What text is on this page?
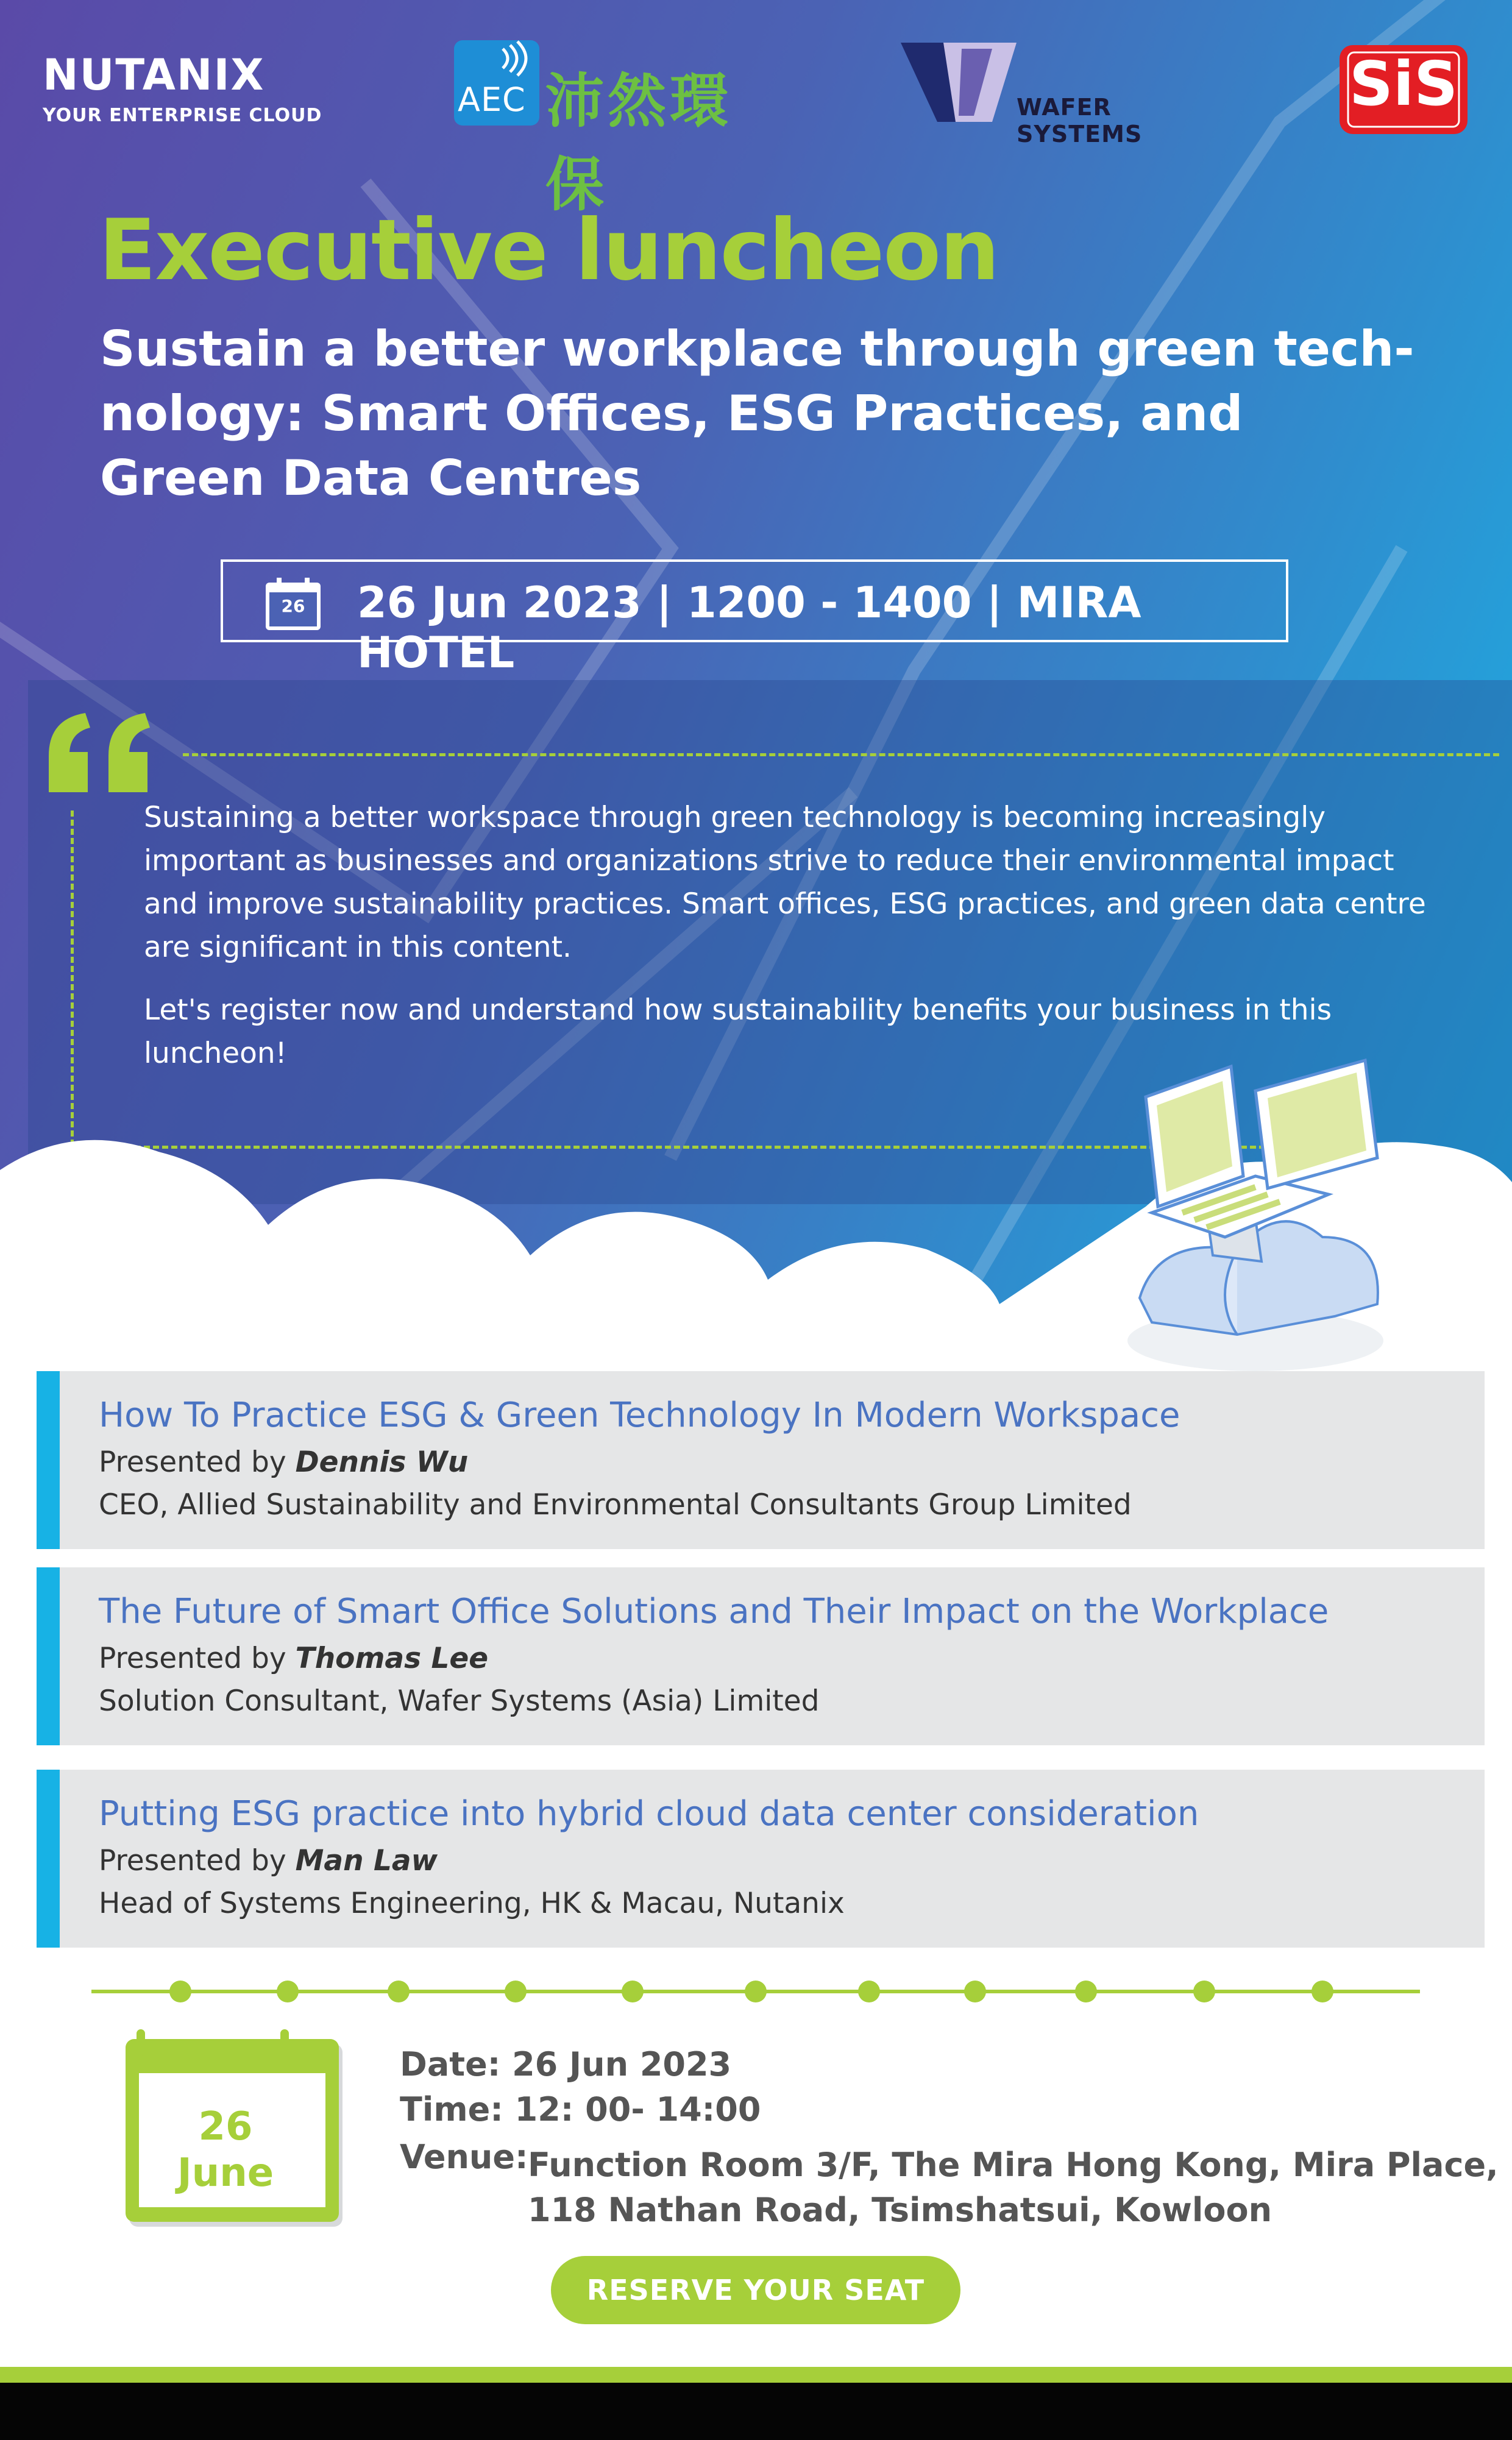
NUTANIX
YOUR ENTERPRISE CLOUD	AEC 沛然環保
WAFER SYSTEMS
SiS
Executive luncheon

Sustain a better workplace through green tech-nology: Smart Offices, ESG Practices, and Green Data Centres

26	26 Jun 2023 | 1200 - 1400 | MIRA HOTEL

Sustaining a better workspace through green technology is becoming increasingly important as businesses and organizations strive to reduce their environmental impact and improve sustainability practices. Smart offices, ESG practices, and green data centre are significant in this content.

Let's register now and understand how sustainability benefits your business in this luncheon!

How To Practice ESG & Green Technology In Modern Workspace
Presented by Dennis Wu
CEO, Allied Sustainability and Environmental Consultants Group Limited
The Future of Smart Office Solutions and Their Impact on the Workplace
Presented by Thomas Lee
Solution Consultant, Wafer Systems (Asia) Limited
Putting ESG practice into hybrid cloud data center consideration
Presented by Man Law
Head of Systems Engineering, HK & Macau, Nutanix
26
June
Date: 26 Jun 2023
Time: 12: 00- 14:00
Venue: Function Room 3/F, The Mira Hong Kong, Mira Place,
118 Nathan Road, Tsimshatsui, Kowloon
RESERVE YOUR SEAT
